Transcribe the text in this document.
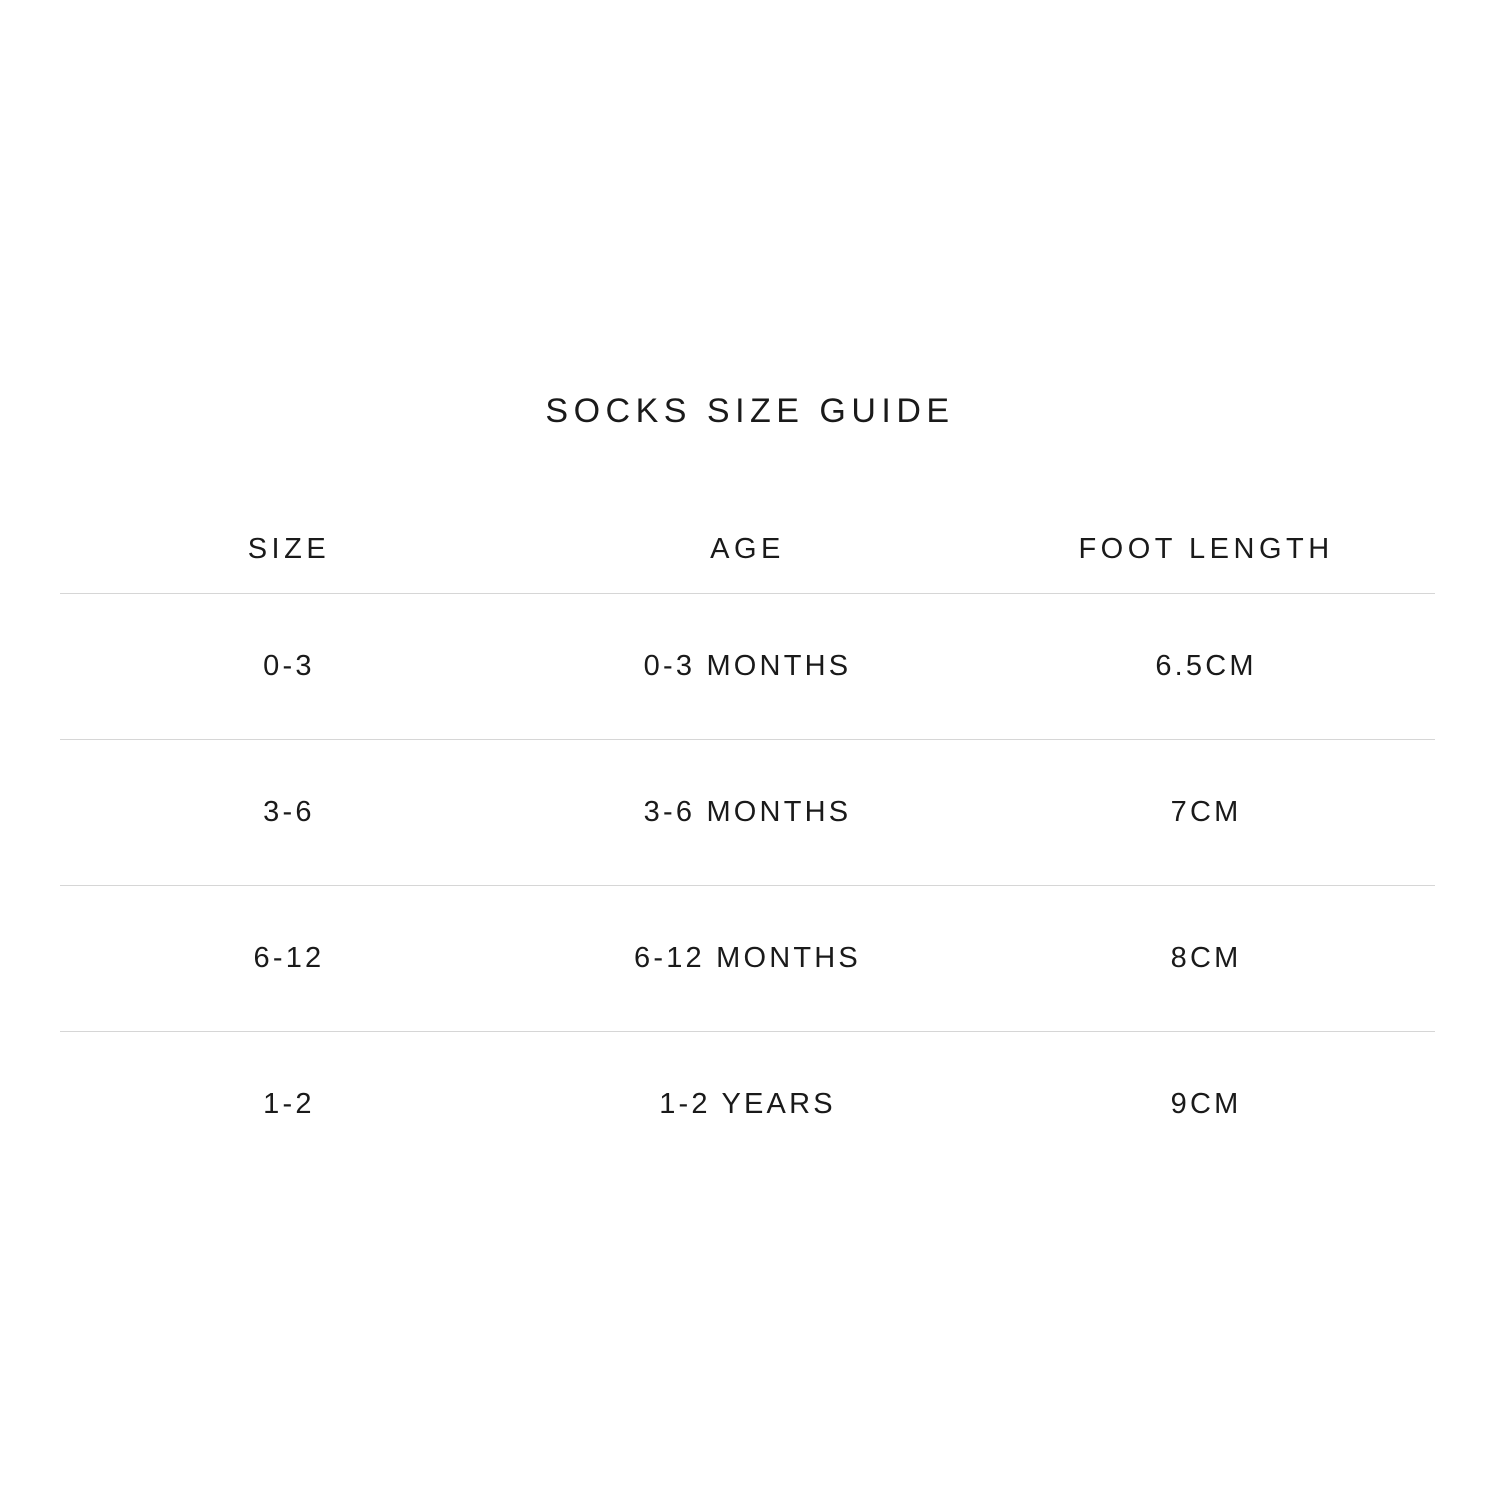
SOCKS SIZE GUIDE
SIZE	AGE	FOOT LENGTH
0-3	0-3 MONTHS	6.5CM
3-6	3-6 MONTHS	7CM
6-12	6-12 MONTHS	8CM
1-2	1-2 YEARS	9CM
